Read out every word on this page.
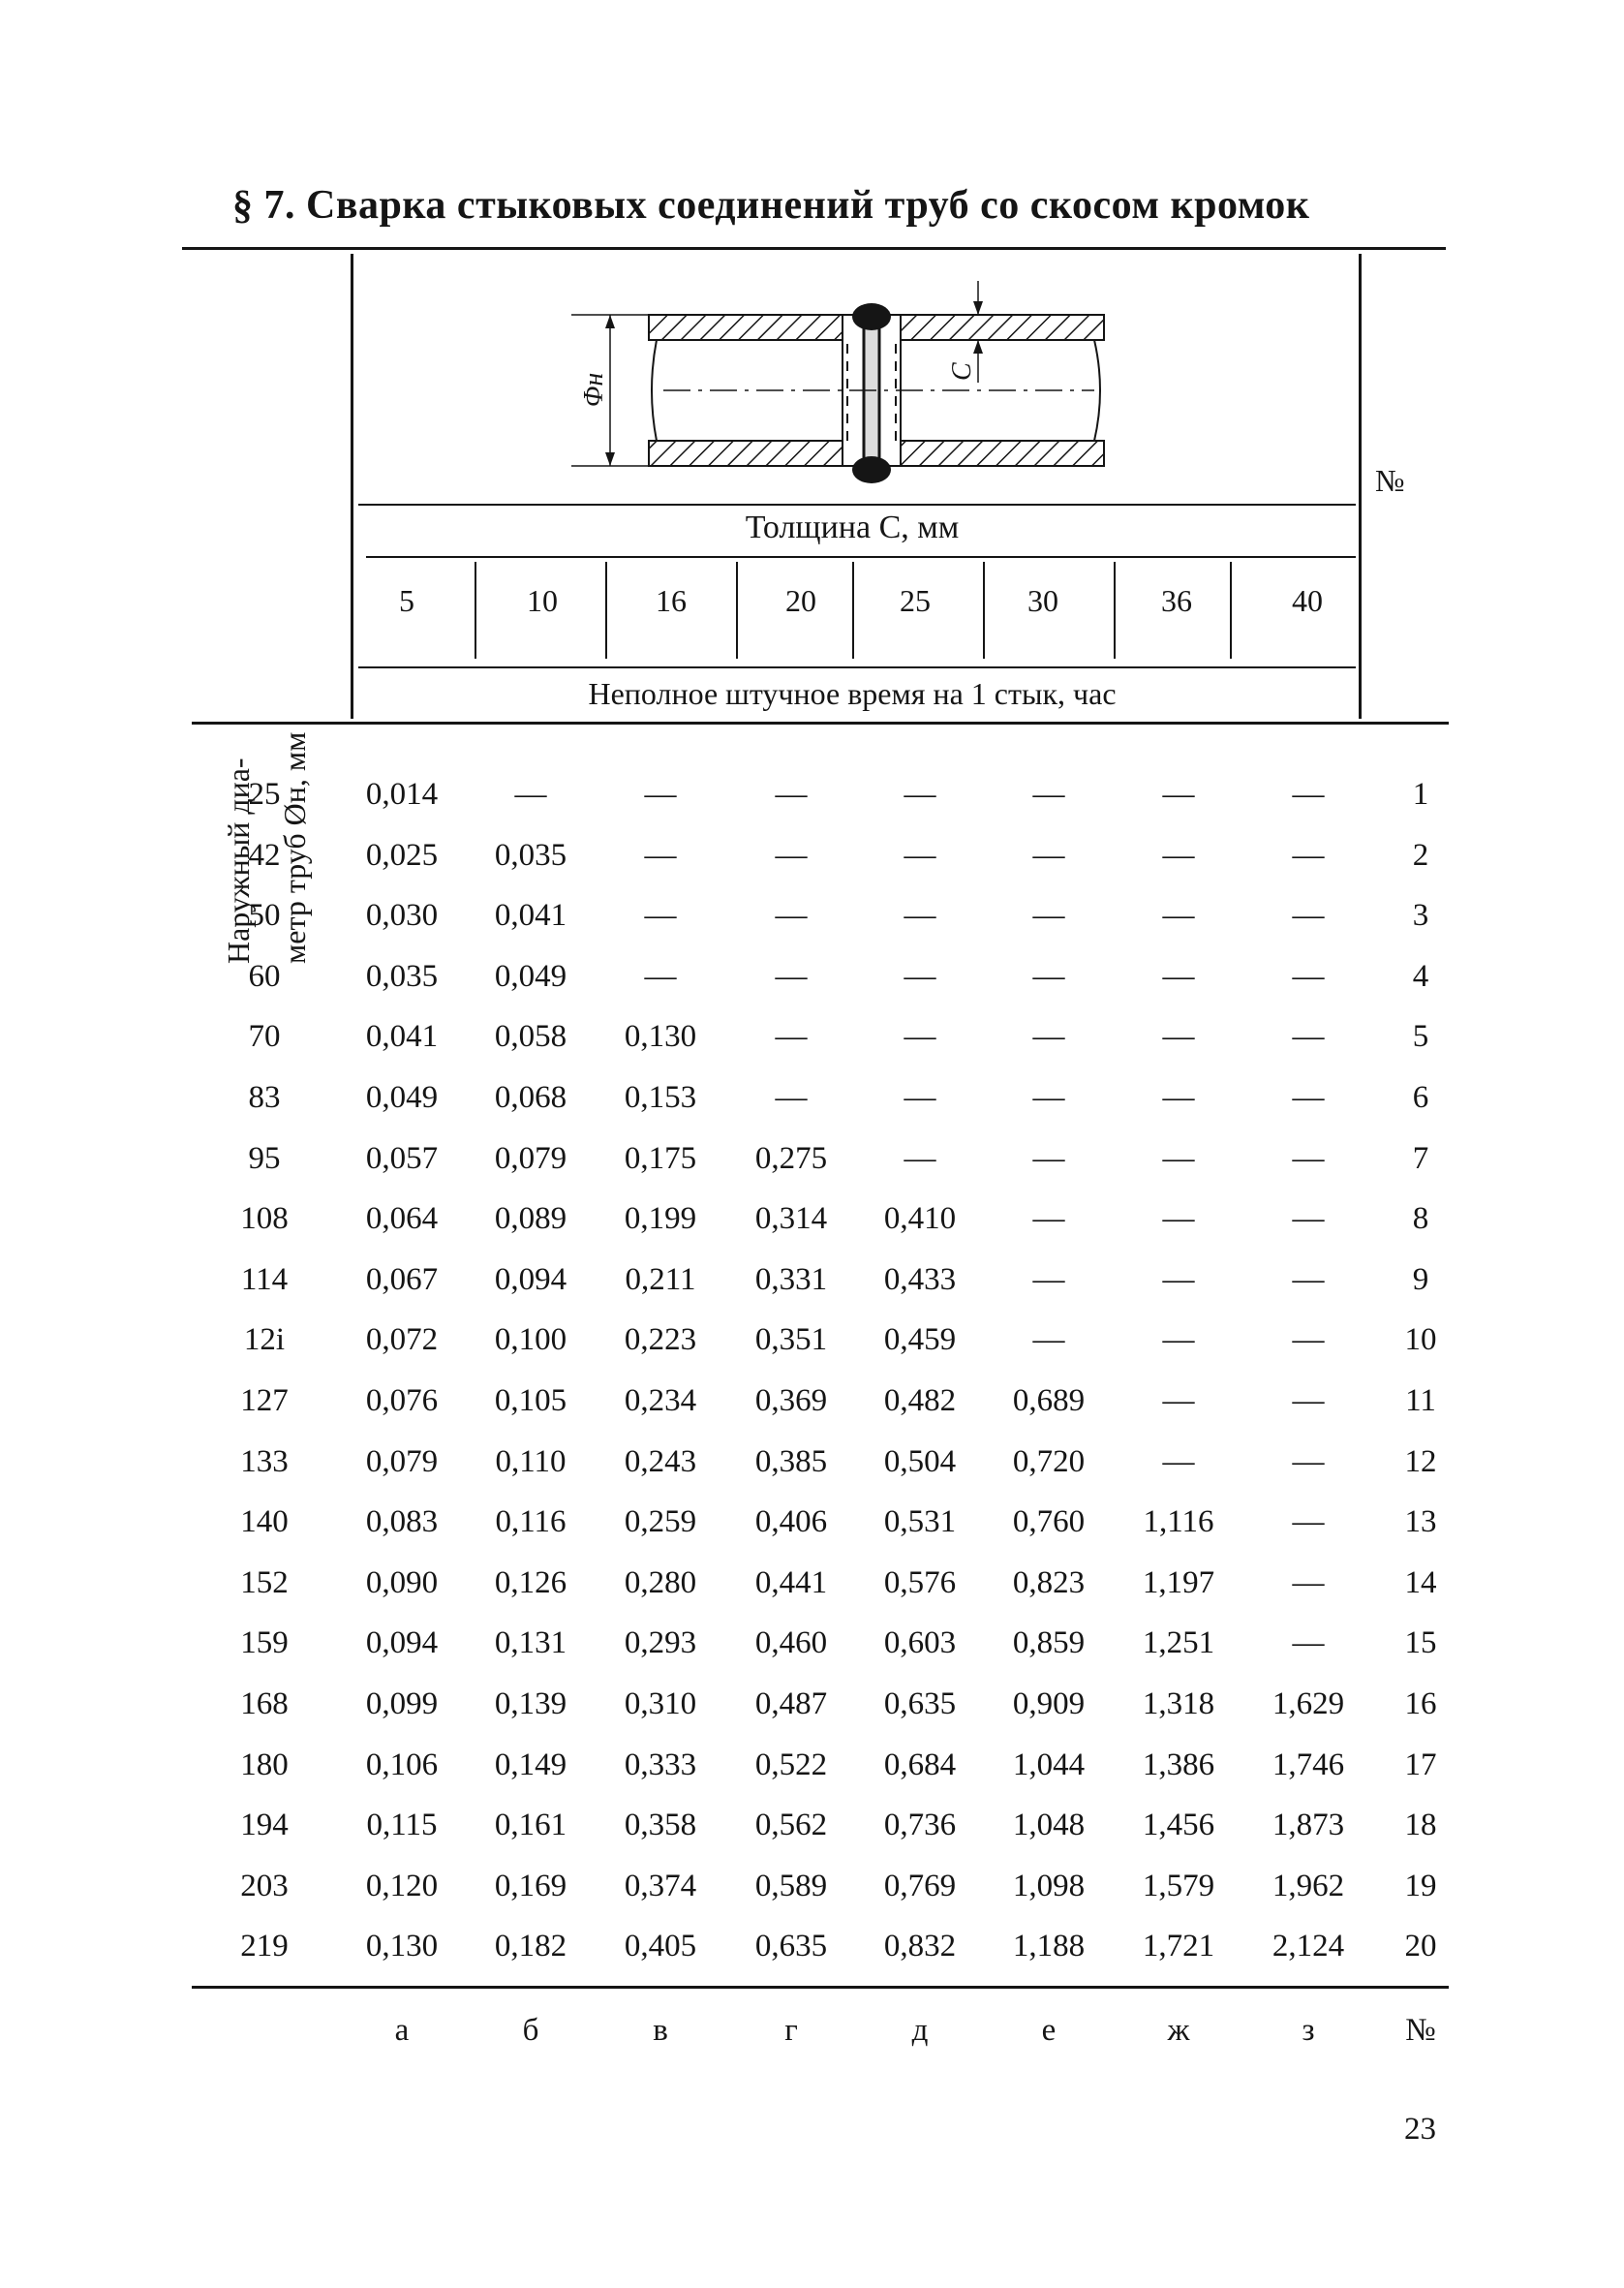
§ 7. Сварка стыковых соединений труб со скосом кромок
Наружный диа- метр труб Øн, мм
Φн
C
№
Толщина С, мм
5	10	16	20	25	30	36	40
Неполное штучное время на 1 стык, час
25	0,014	—	—	—	—	—	—	—	1
42	0,025	0,035	—	—	—	—	—	—	2
50	0,030	0,041	—	—	—	—	—	—	3
60	0,035	0,049	—	—	—	—	—	—	4
70	0,041	0,058	0,130	—	—	—	—	—	5
83	0,049	0,068	0,153	—	—	—	—	—	6
95	0,057	0,079	0,175	0,275	—	—	—	—	7
108	0,064	0,089	0,199	0,314	0,410	—	—	—	8
114	0,067	0,094	0,211	0,331	0,433	—	—	—	9
12i	0,072	0,100	0,223	0,351	0,459	—	—	—	10
127	0,076	0,105	0,234	0,369	0,482	0,689	—	—	11
133	0,079	0,110	0,243	0,385	0,504	0,720	—	—	12
140	0,083	0,116	0,259	0,406	0,531	0,760	1,116	—	13
152	0,090	0,126	0,280	0,441	0,576	0,823	1,197	—	14
159	0,094	0,131	0,293	0,460	0,603	0,859	1,251	—	15
168	0,099	0,139	0,310	0,487	0,635	0,909	1,318	1,629	16
180	0,106	0,149	0,333	0,522	0,684	1,044	1,386	1,746	17
194	0,115	0,161	0,358	0,562	0,736	1,048	1,456	1,873	18
203	0,120	0,169	0,374	0,589	0,769	1,098	1,579	1,962	19
219	0,130	0,182	0,405	0,635	0,832	1,188	1,721	2,124	20
а	б	в	г	д	е	ж	з	№
23
